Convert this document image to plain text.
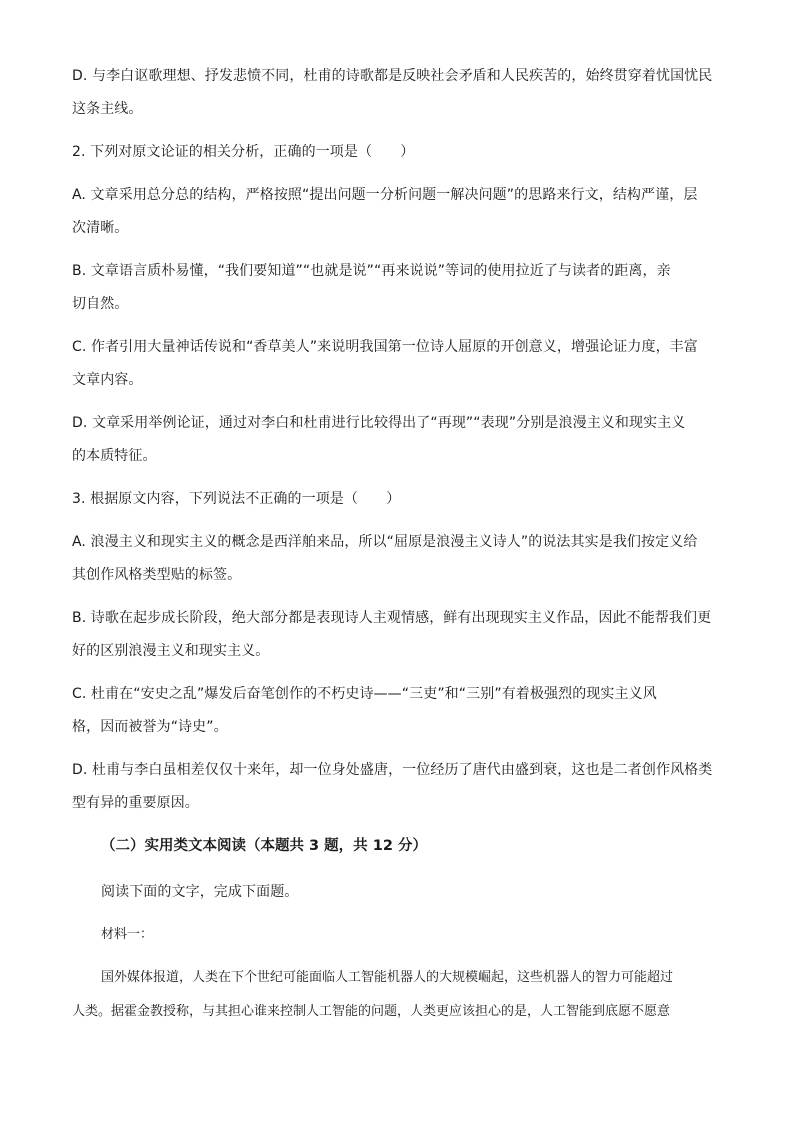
D. 与李白讴歌理想、抒发悲愤不同，杜甫的诗歌都是反映社会矛盾和人民疾苦的，始终贯穿着忧国忧民
这条主线。
2. 下列对原文论证的相关分析，正确的一项是（　　）
A. 文章采用总分总的结构，严格按照“提出问题一分析问题一解决问题”的思路来行文，结构严谨，层
次清晰。
B. 文章语言质朴易懂，“我们要知道”“也就是说”“再来说说”等词的使用拉近了与读者的距离，亲
切自然。
C. 作者引用大量神话传说和“香草美人”来说明我国第一位诗人屈原的开创意义，增强论证力度，丰富
文章内容。
D. 文章采用举例论证，通过对李白和杜甫进行比较得出了“再现”“表现”分别是浪漫主义和现实主义
的本质特征。
3. 根据原文内容，下列说法不正确的一项是（　　）
A. 浪漫主义和现实主义的概念是西洋舶来品，所以“屈原是浪漫主义诗人”的说法其实是我们按定义给
其创作风格类型贴的标签。
B. 诗歌在起步成长阶段，绝大部分都是表现诗人主观情感，鲜有出现现实主义作品，因此不能帮我们更
好的区别浪漫主义和现实主义。
C. 杜甫在“安史之乱”爆发后奋笔创作的不朽史诗——“三吏”和“三别”有着极强烈的现实主义风
格，因而被誉为“诗史”。
D. 杜甫与李白虽相差仅仅十来年，却一位身处盛唐，一位经历了唐代由盛到衰，这也是二者创作风格类
型有异的重要原因。
（二）实用类文本阅读（本题共 3 题，共 12 分）
阅读下面的文字，完成下面题。
材料一：
国外媒体报道，人类在下个世纪可能面临人工智能机器人的大规模崛起，这些机器人的智力可能超过
人类。据霍金教授称，与其担心谁来控制人工智能的问题，人类更应该担心的是，人工智能到底愿不愿意
